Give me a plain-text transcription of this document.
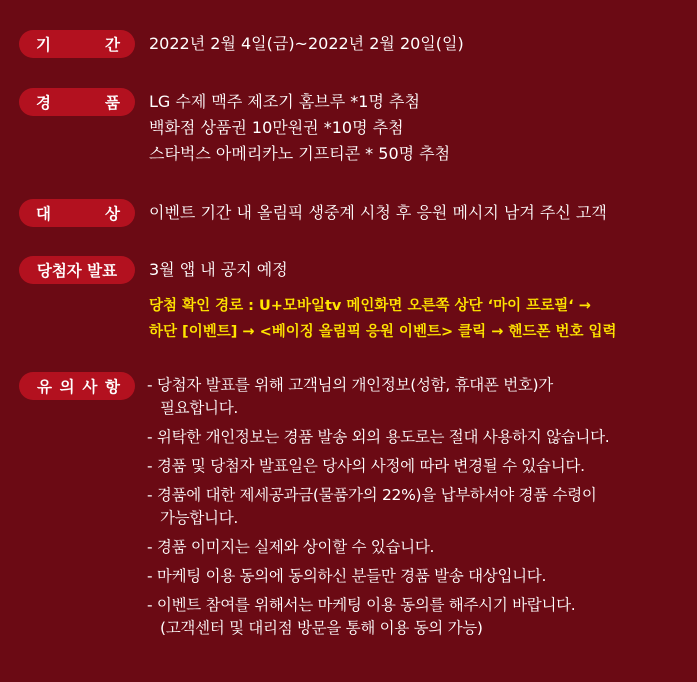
기	간 2022년 2월 4일(금)~2022년 2월 20일(일)
경	품 LG 수제 맥주 제조기 홈브루 *1명 추첨
백화점 상품권 10만원권 *10명 추첨
스타벅스 아메리카노 기프티콘 * 50명 추첨
대	상 이벤트 기간 내 올림픽 생중계 시청 후 응원 메시지 남겨 주신 고객
당첨자 발표 3월 앱 내 공지 예정
당첨 확인 경로 : U+모바일tv 메인화면 오른쪽 상단 ‘마이 프로필‘ →
하단 [이벤트] → <베이징 올림픽 응원 이벤트> 클릭 → 핸드폰 번호 입력
유 의 사 항 - 당첨자 발표를 위해 고객님의 개인정보(성함, 휴대폰 번호)가
필요합니다.
- 위탁한 개인정보는 경품 발송 외의 용도로는 절대 사용하지 않습니다.
- 경품 및 당첨자 발표일은 당사의 사정에 따라 변경될 수 있습니다.
- 경품에 대한 제세공과금(물품가의 22%)을 납부하셔야 경품 수령이
가능합니다.
- 경품 이미지는 실제와 상이할 수 있습니다.
- 마케팅 이용 동의에 동의하신 분들만 경품 발송 대상입니다.
- 이벤트 참여를 위해서는 마케팅 이용 동의를 해주시기 바랍니다.
(고객센터 및 대리점 방문을 통해 이용 동의 가능)
